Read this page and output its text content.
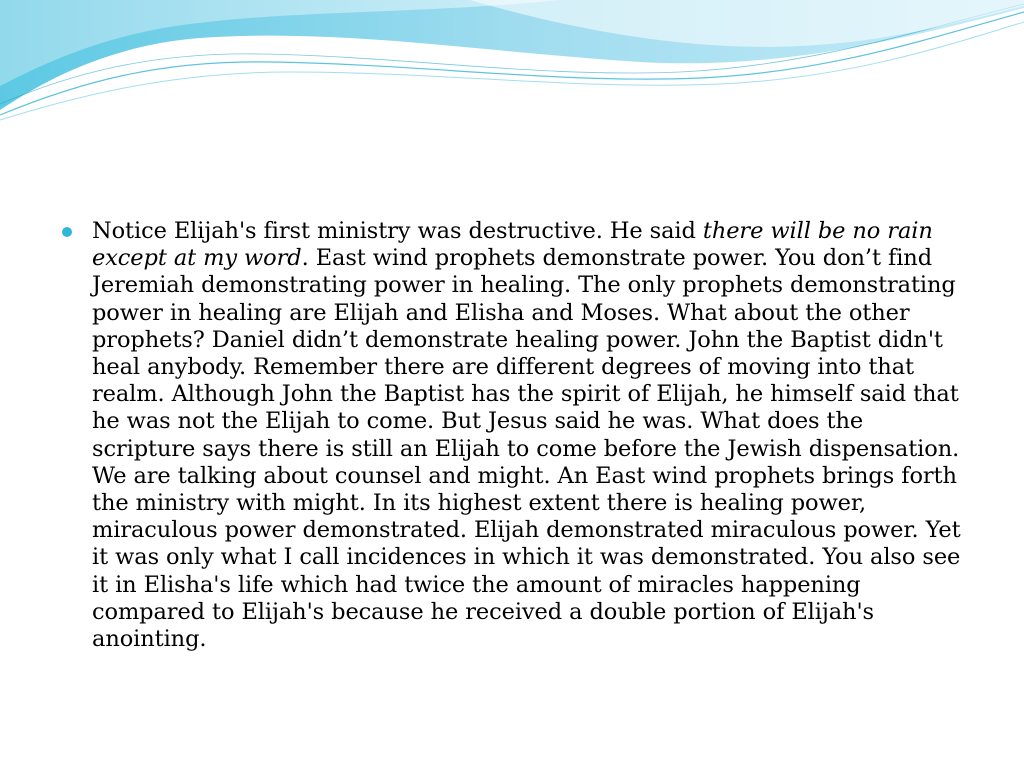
Notice Elijah's first ministry was destructive. He said there will be no rain except at my word. East wind prophets demonstrate power. You don’t find Jeremiah demonstrating power in healing. The only prophets demonstrating power in healing are Elijah and Elisha and Moses. What about the other prophets? Daniel didn’t demonstrate healing power. John the Baptist didn't heal anybody. Remember there are different degrees of moving into that realm. Although John the Baptist has the spirit of Elijah, he himself said that he was not the Elijah to come. But Jesus said he was. What does the scripture says there is still an Elijah to come before the Jewish dispensation. We are talking about counsel and might. An East wind prophets brings forth the ministry with might. In its highest extent there is healing power, miraculous power demonstrated. Elijah demonstrated miraculous power. Yet it was only what I call incidences in which it was demonstrated. You also see it in Elisha's life which had twice the amount of miracles happening compared to Elijah's because he received a double portion of Elijah's anointing.
